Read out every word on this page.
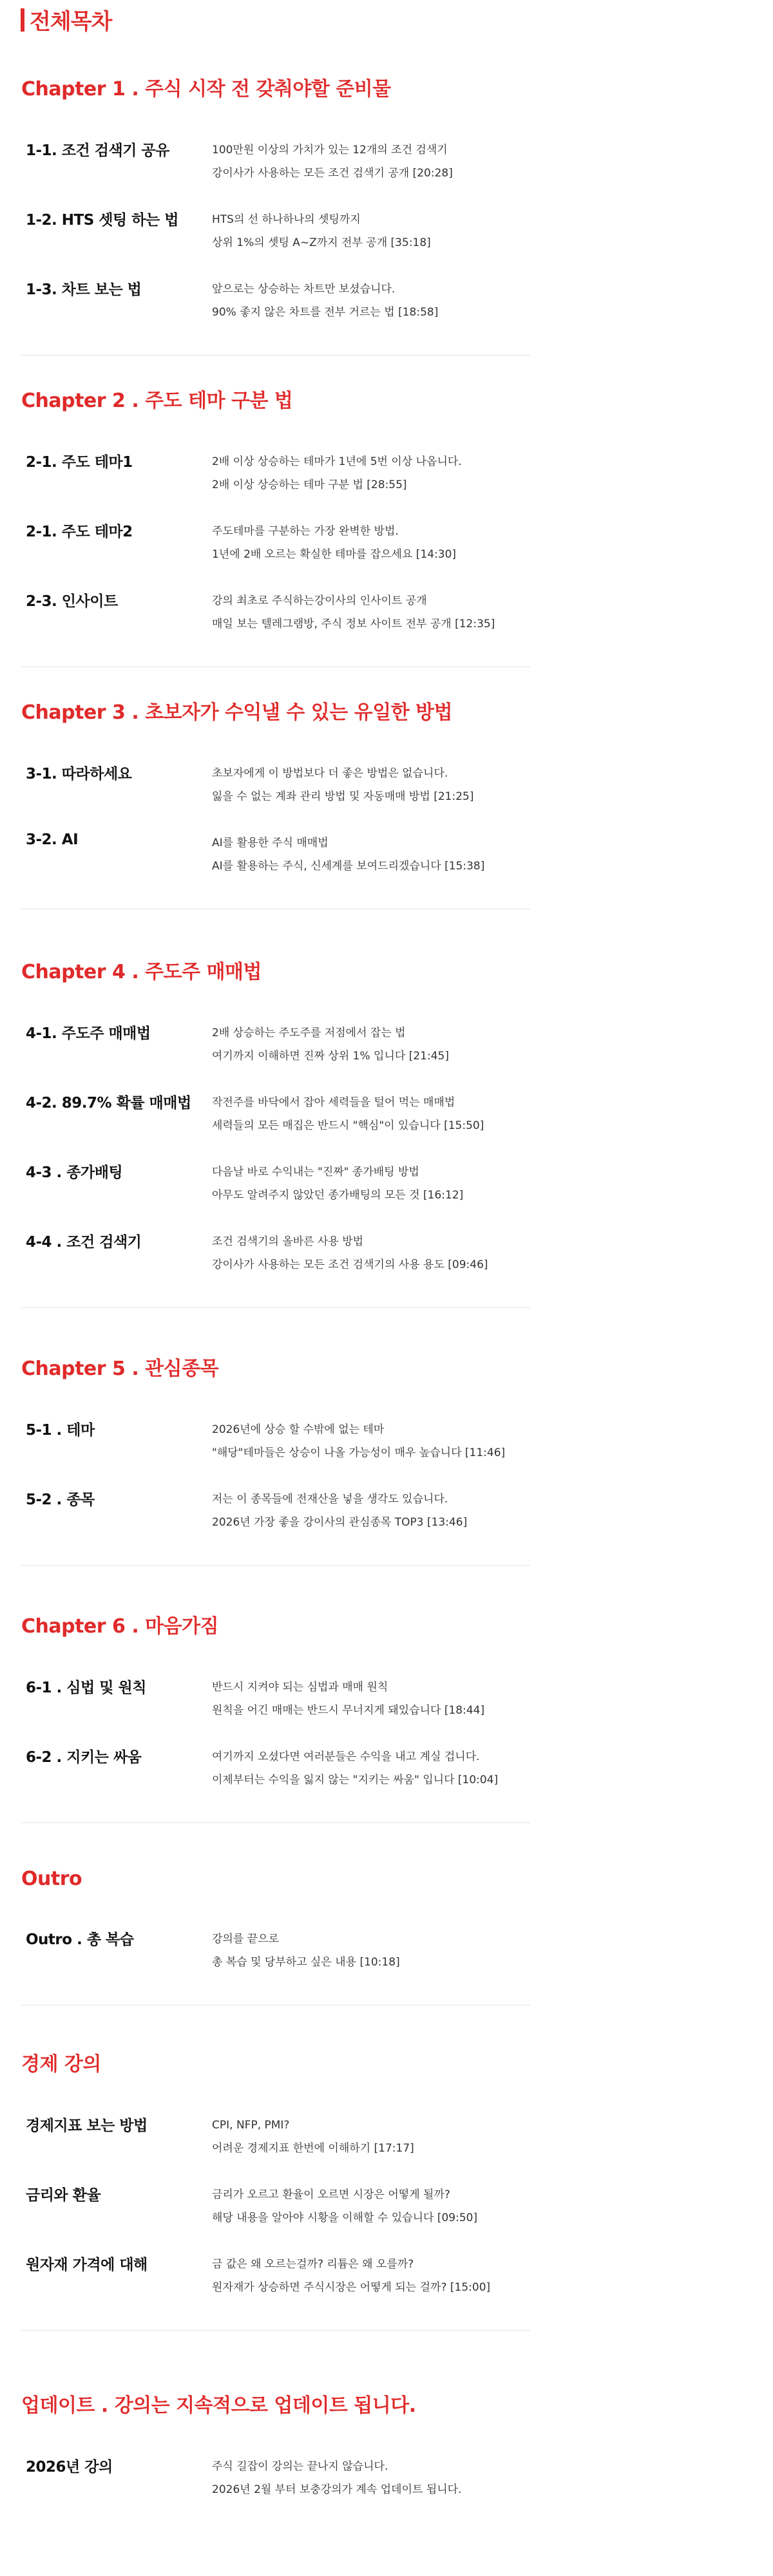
전체목차
Chapter 1 . 주식 시작 전 갖춰야할 준비물
1-1. 조건 검색기 공유	100만원 이상의 가치가 있는 12개의 조건 검색기
강이사가 사용하는 모든 조건 검색기 공개 [20:28]
1-2. HTS 셋팅 하는 법	HTS의 선 하나하나의 셋팅까지
상위 1%의 셋팅 A~Z까지 전부 공개 [35:18]
1-3. 차트 보는 법	앞으로는 상승하는 차트만 보셨습니다.
90% 좋지 않은 차트를 전부 거르는 법 [18:58]
Chapter 2 . 주도 테마 구분 법
2-1. 주도 테마1	2배 이상 상승하는 테마가 1년에 5번 이상 나옵니다.
2배 이상 상승하는 테마 구분 법 [28:55]
2-1. 주도 테마2	주도테마를 구분하는 가장 완벽한 방법.
1년에 2배 오르는 확실한 테마를 잡으세요 [14:30]
2-3. 인사이트	강의 최초로 주식하는강이사의 인사이트 공개
매일 보는 텔레그램방, 주식 정보 사이트 전부 공개 [12:35]
Chapter 3 . 초보자가 수익낼 수 있는 유일한 방법
3-1. 따라하세요	초보자에게 이 방법보다 더 좋은 방법은 없습니다.
잃을 수 없는 계좌 관리 방법 및 자동매매 방법 [21:25]
3-2. AI	AI를 활용한 주식 매매법
AI를 활용하는 주식, 신세계를 보여드리겠습니다 [15:38]
Chapter 4 . 주도주 매매법
4-1. 주도주 매매법	2배 상승하는 주도주를 저점에서 잡는 법
여기까지 이해하면 진짜 상위 1% 입니다 [21:45]
4-2. 89.7% 확률 매매법	작전주를 바닥에서 잡아 세력들을 털어 먹는 매매법
세력들의 모든 매집은 반드시 "핵심"이 있습니다 [15:50]
4-3 . 종가배팅	다음날 바로 수익내는 "진짜" 종가배팅 방법
아무도 알려주지 않았던 종가배팅의 모든 것 [16:12]
4-4 . 조건 검색기	조건 검색기의 올바른 사용 방법
강이사가 사용하는 모든 조건 검색기의 사용 용도 [09:46]
Chapter 5 . 관심종목
5-1 . 테마	2026년에 상승 할 수밖에 없는 테마
"해당"테마들은 상승이 나올 가능성이 매우 높습니다 [11:46]
5-2 . 종목	저는 이 종목들에 전재산을 넣을 생각도 있습니다.
2026년 가장 좋을 강이사의 관심종목 TOP3 [13:46]
Chapter 6 . 마음가짐
6-1 . 심법 및 원칙	반드시 지켜야 되는 심법과 매매 원칙
원칙을 어긴 매매는 반드시 무너지게 돼있습니다 [18:44]
6-2 . 지키는 싸움	여기까지 오셨다면 여러분들은 수익을 내고 계실 겁니다.
이제부터는 수익을 잃지 않는 "지키는 싸움" 입니다 [10:04]
Outro
Outro . 총 복습	강의를 끝으로
총 복습 및 당부하고 싶은 내용 [10:18]
경제 강의
경제지표 보는 방법	CPI, NFP, PMI?
어려운 경제지표 한번에 이해하기 [17:17]
금리와 환율	금리가 오르고 환율이 오르면 시장은 어떻게 될까?
해당 내용을 알아야 시황을 이해할 수 있습니다 [09:50]
원자재 가격에 대해	금 값은 왜 오르는걸까? 리튬은 왜 오를까?
원자재가 상승하면 주식시장은 어떻게 되는 걸까? [15:00]
업데이트 . 강의는 지속적으로 업데이트 됩니다.
2026년 강의	주식 길잡이 강의는 끝나지 않습니다.
2026년 2월 부터 보충강의가 계속 업데이트 됩니다.
